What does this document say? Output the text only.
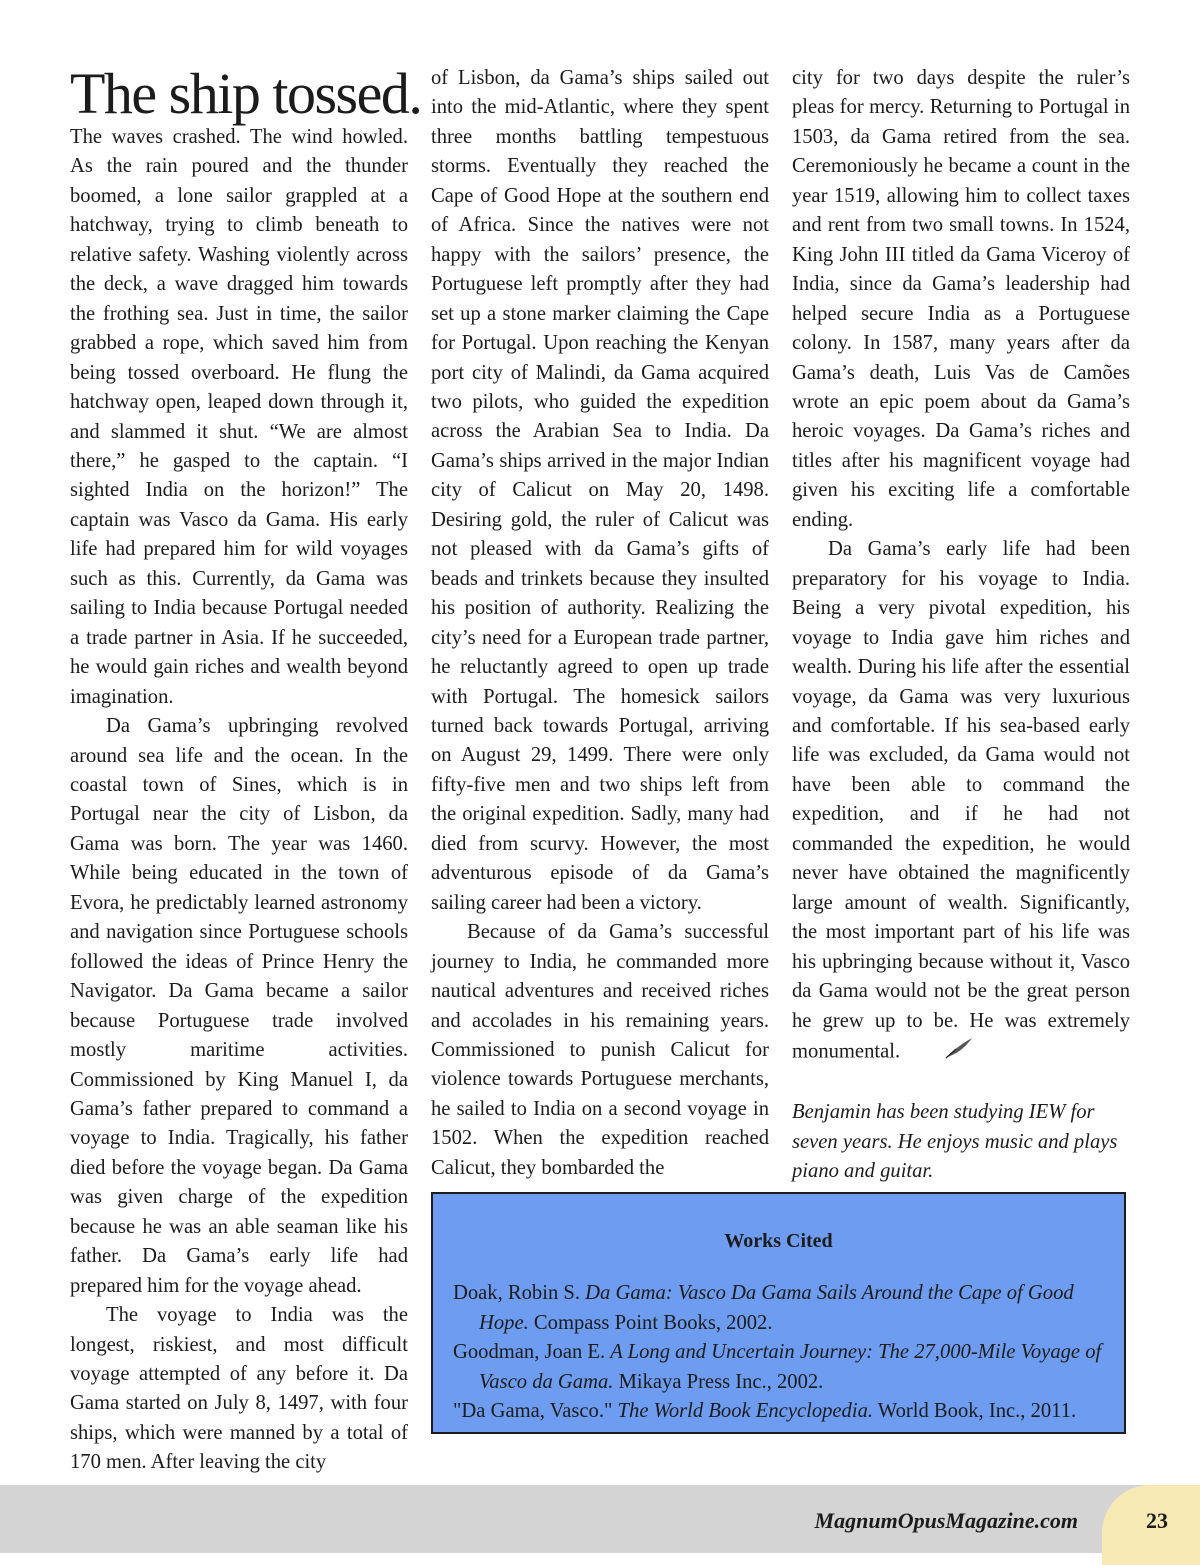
The ship tossed.

The waves crashed. The wind howled. As the rain poured and the thunder boomed, a lone sailor grappled at a hatchway, trying to climb beneath to relative safety. Washing violently across the deck, a wave dragged him towards the frothing sea. Just in time, the sailor grabbed a rope, which saved him from being tossed overboard. He flung the hatchway open, leaped down through it, and slammed it shut. “We are almost there,” he gasped to the captain. “I sighted India on the horizon!” The captain was Vasco da Gama. His early life had prepared him for wild voyages such as this. Currently, da Gama was sailing to India because Portugal needed a trade partner in Asia. If he succeeded, he would gain riches and wealth beyond imagination.

Da Gama’s upbringing revolved around sea life and the ocean. In the coastal town of Sines, which is in Portugal near the city of Lisbon, da Gama was born. The year was 1460. While being educated in the town of Evora, he predictably learned astronomy and navigation since Portuguese schools followed the ideas of Prince Henry the Navigator. Da Gama became a sailor because Portuguese trade involved mostly maritime activities. Commissioned by King Manuel I, da Gama’s father prepared to command a voyage to India. Tragically, his father died before the voyage began. Da Gama was given charge of the expedition because he was an able seaman like his father. Da Gama’s early life had prepared him for the voyage ahead.

The voyage to India was the longest, riskiest, and most difficult voyage attempted of any before it. Da Gama started on July 8, 1497, with four ships, which were manned by a total of 170 men. After leaving the city

of Lisbon, da Gama’s ships sailed out into the mid-Atlantic, where they spent three months battling tempestuous storms. Eventually they reached the Cape of Good Hope at the southern end of Africa. Since the natives were not happy with the sailors’ presence, the Portuguese left promptly after they had set up a stone marker claiming the Cape for Portugal. Upon reaching the Kenyan port city of Malindi, da Gama acquired two pilots, who guided the expedition across the Arabian Sea to India. Da Gama’s ships arrived in the major Indian city of Calicut on May 20, 1498. Desiring gold, the ruler of Calicut was not pleased with da Gama’s gifts of beads and trinkets because they insulted his position of authority. Realizing the city’s need for a European trade partner, he reluctantly agreed to open up trade with Portugal. The homesick sailors turned back towards Portugal, arriving on August 29, 1499. There were only fifty-five men and two ships left from the original expedition. Sadly, many had died from scurvy. However, the most adventurous episode of da Gama’s sailing career had been a victory.

Because of da Gama’s successful journey to India, he commanded more nautical adventures and received riches and accolades in his remaining years. Commissioned to punish Calicut for violence towards Portuguese merchants, he sailed to India on a second voyage in 1502. When the expedition reached Calicut, they bombarded the

city for two days despite the ruler’s pleas for mercy. Returning to Portugal in 1503, da Gama retired from the sea. Ceremoniously he became a count in the year 1519, allowing him to collect taxes and rent from two small towns. In 1524, King John III titled da Gama Viceroy of India, since da Gama’s leadership had helped secure India as a Portuguese colony. In 1587, many years after da Gama’s death, Luis Vas de Camões wrote an epic poem about da Gama’s heroic voyages. Da Gama’s riches and titles after his magnificent voyage had given his exciting life a comfortable ending.

Da Gama’s early life had been preparatory for his voyage to India. Being a very pivotal expedition, his voyage to India gave him riches and wealth. During his life after the essential voyage, da Gama was very luxurious and comfortable. If his sea-based early life was excluded, da Gama would not have been able to command the expedition, and if he had not commanded the expedition, he would never have obtained the magnificently large amount of wealth. Significantly, the most important part of his life was his upbringing because without it, Vasco da Gama would not be the great person he grew up to be. He was extremely monumental.

Benjamin has been studying IEW for seven years. He enjoys music and plays piano and guitar.

Works Cited
Doak, Robin S. Da Gama: Vasco Da Gama Sails Around the Cape of Good Hope. Compass Point Books, 2002.
Goodman, Joan E. A Long and Uncertain Journey: The 27,000-Mile Voyage of Vasco da Gama. Mikaya Press Inc., 2002.
"Da Gama, Vasco." The World Book Encyclopedia. World Book, Inc., 2011.
MagnumOpusMagazine.com	23
